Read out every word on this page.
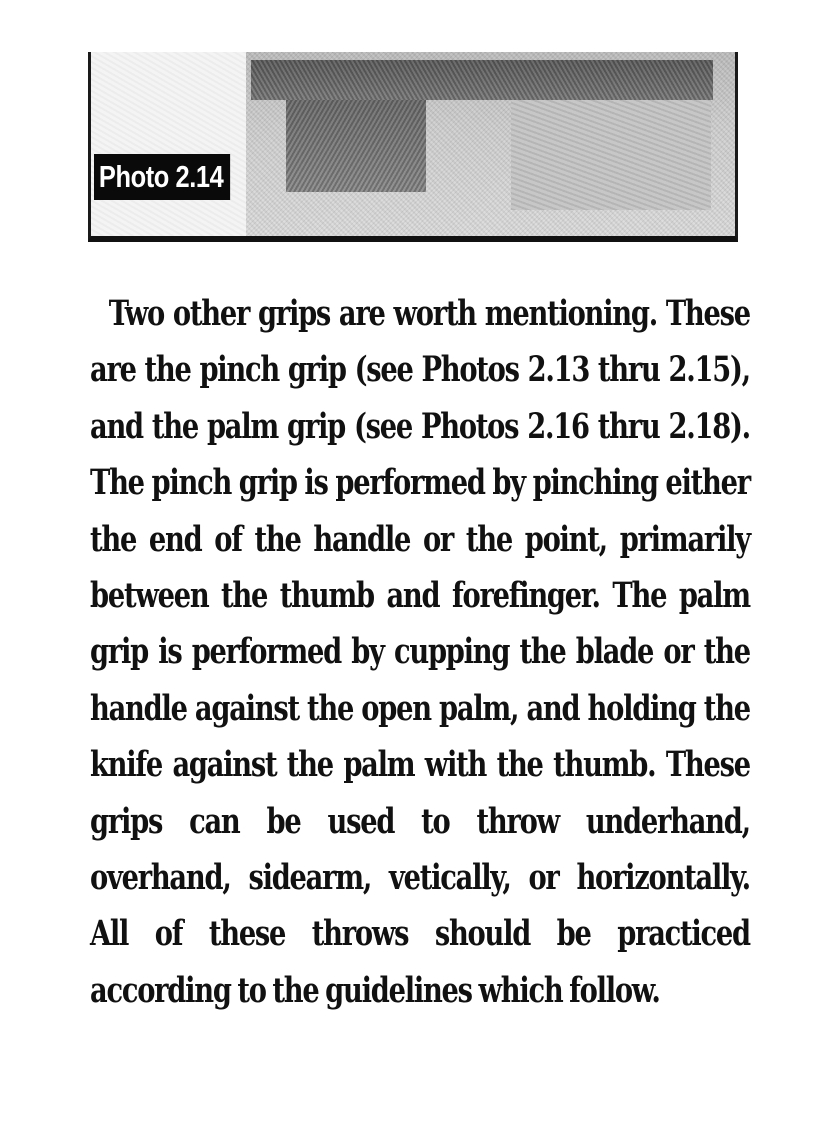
Photo 2.14

Two other grips are worth mentioning. These are the pinch grip (see Photos 2.13 thru 2.15), and the palm grip (see Photos 2.16 thru 2.18). The pinch grip is performed by pinching either the end of the handle or the point, primarily between the thumb and forefinger. The palm grip is performed by cupping the blade or the handle against the open palm, and holding the knife against the palm with the thumb. These grips can be used to throw underhand, overhand, sidearm, vetically, or horizontally. All of these throws should be practiced according to the guidelines which follow.
